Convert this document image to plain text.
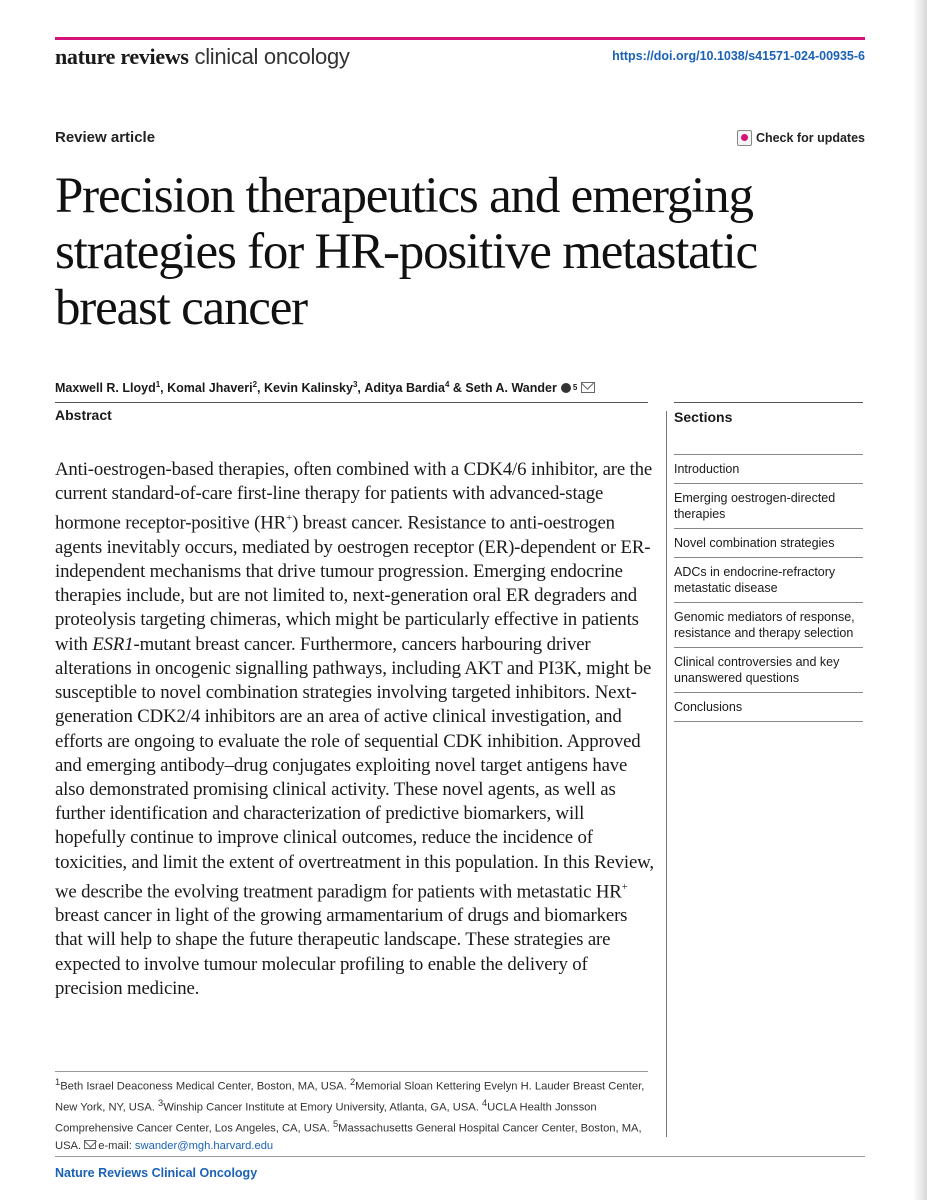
nature reviews clinical oncology	https://doi.org/10.1038/s41571-024-00935-6
Review article	Check for updates
Precision therapeutics and emerging strategies for HR-positive metastatic breast cancer
Maxwell R. Lloyd$^1$ , Komal Jhaveri$^2$ , Kevin Kalinsky$^3$ , Aditya Bardia$^4$ & Seth A. Wander 5
Abstract

Anti-oestrogen-based therapies, often combined with a CDK4/6 inhibitor, are the current standard-of-care first-line therapy for patients with advanced-stage hormone receptor-positive (HR+) breast cancer. Resistance to anti-oestrogen agents inevitably occurs, mediated by oestrogen receptor (ER)-dependent or ER-independent mechanisms that drive tumour progression. Emerging endocrine therapies include, but are not limited to, next-generation oral ER degraders and proteolysis targeting chimeras, which might be particularly effective in patients with ESR1-mutant breast cancer. Furthermore, cancers harbouring driver alterations in oncogenic signalling pathways, including AKT and PI3K, might be susceptible to novel combination strategies involving targeted inhibitors. Next-generation CDK2/4 inhibitors are an area of active clinical investigation, and efforts are ongoing to evaluate the role of sequential CDK inhibition. Approved and emerging antibody–drug conjugates exploiting novel target antigens have also demonstrated promising clinical activity. These novel agents, as well as further identification and characterization of predictive biomarkers, will hopefully continue to improve clinical outcomes, reduce the incidence of toxicities, and limit the extent of overtreatment in this population. In this Review, we describe the evolving treatment paradigm for patients with metastatic HR+ breast cancer in light of the growing armamentarium of drugs and biomarkers that will help to shape the future therapeutic landscape. These strategies are expected to involve tumour molecular profiling to enable the delivery of precision medicine.

$^1$Beth Israel Deaconess Medical Center, Boston, MA, USA. $^2$Memorial Sloan Kettering Evelyn H. Lauder Breast Center, New York, NY, USA. $^3$Winship Cancer Institute at Emory University, Atlanta, GA, USA. $^4$UCLA Health Jonsson Comprehensive Cancer Center, Los Angeles, CA, USA. $^5$Massachusetts General Hospital Cancer Center, Boston, MA, USA. e-mail: swander@mgh.harvard.edu
Sections
Introduction
Emerging oestrogen-directed therapies
Novel combination strategies
ADCs in endocrine-refractory metastatic disease
Genomic mediators of response, resistance and therapy selection
Clinical controversies and key unanswered questions
Conclusions
Nature Reviews Clinical Oncology
